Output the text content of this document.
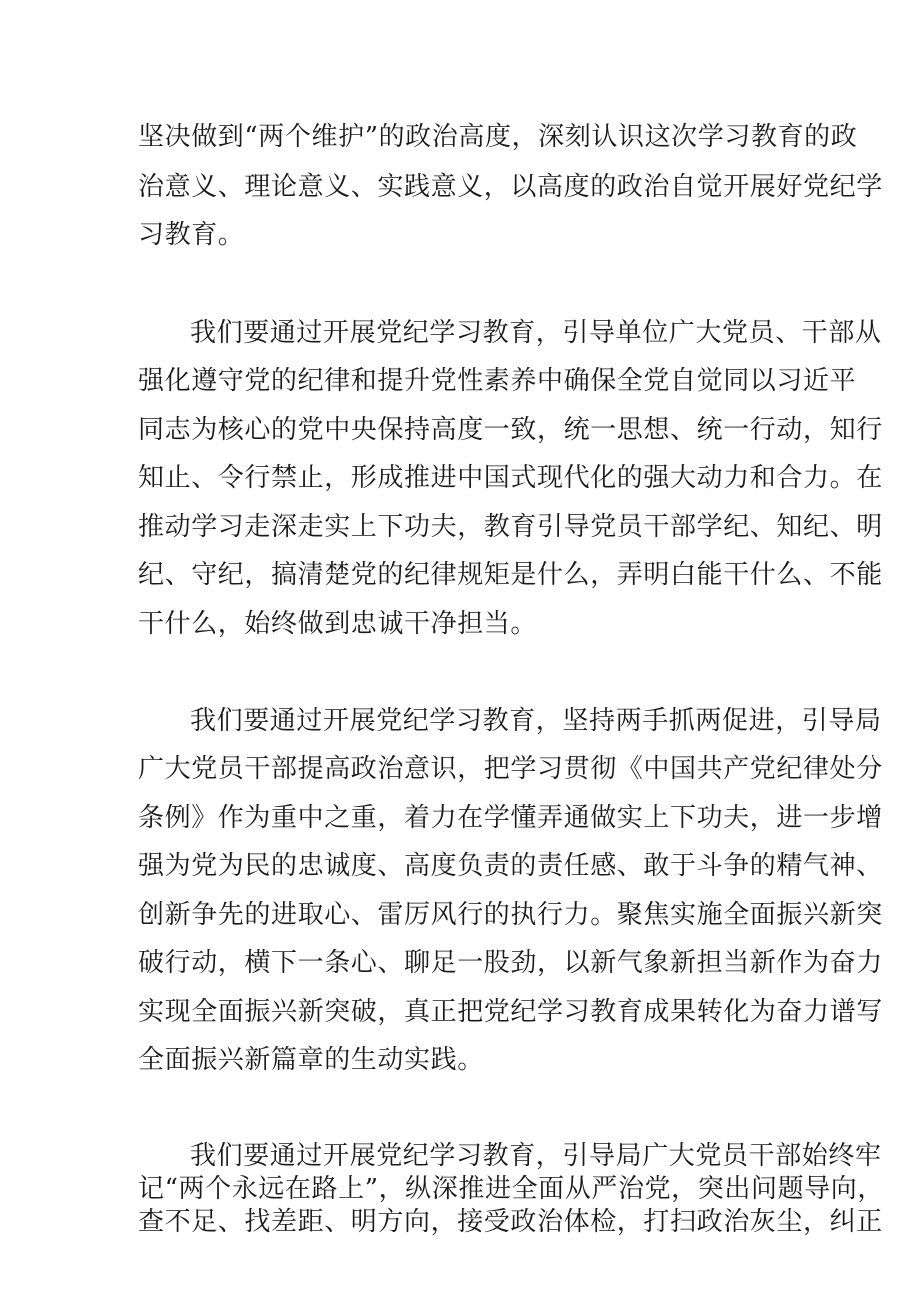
坚决做到“两个维护”的政治高度，深刻认识这次学习教育的政
治意义、理论意义、实践意义，以高度的政治自觉开展好党纪学
习教育。
我们要通过开展党纪学习教育，引导单位广大党员、干部从
强化遵守党的纪律和提升党性素养中确保全党自觉同以习近平
同志为核心的党中央保持高度一致，统一思想、统一行动，知行
知止、令行禁止，形成推进中国式现代化的强大动力和合力。在
推动学习走深走实上下功夫，教育引导党员干部学纪、知纪、明
纪、守纪，搞清楚党的纪律规矩是什么，弄明白能干什么、不能
干什么，始终做到忠诚干净担当。
我们要通过开展党纪学习教育，坚持两手抓两促进，引导局
广大党员干部提高政治意识，把学习贯彻《中国共产党纪律处分
条例》作为重中之重，着力在学懂弄通做实上下功夫，进一步增
强为党为民的忠诚度、高度负责的责任感、敢于斗争的精气神、
创新争先的进取心、雷厉风行的执行力。聚焦实施全面振兴新突
破行动，横下一条心、聊足一股劲，以新气象新担当新作为奋力
实现全面振兴新突破，真正把党纪学习教育成果转化为奋力谱写
全面振兴新篇章的生动实践。
我们要通过开展党纪学习教育，引导局广大党员干部始终牢
记“两个永远在路上”，纵深推进全面从严治党，突出问题导向，
查不足、找差距、明方向，接受政治体检，打扫政治灰尘，纠正
